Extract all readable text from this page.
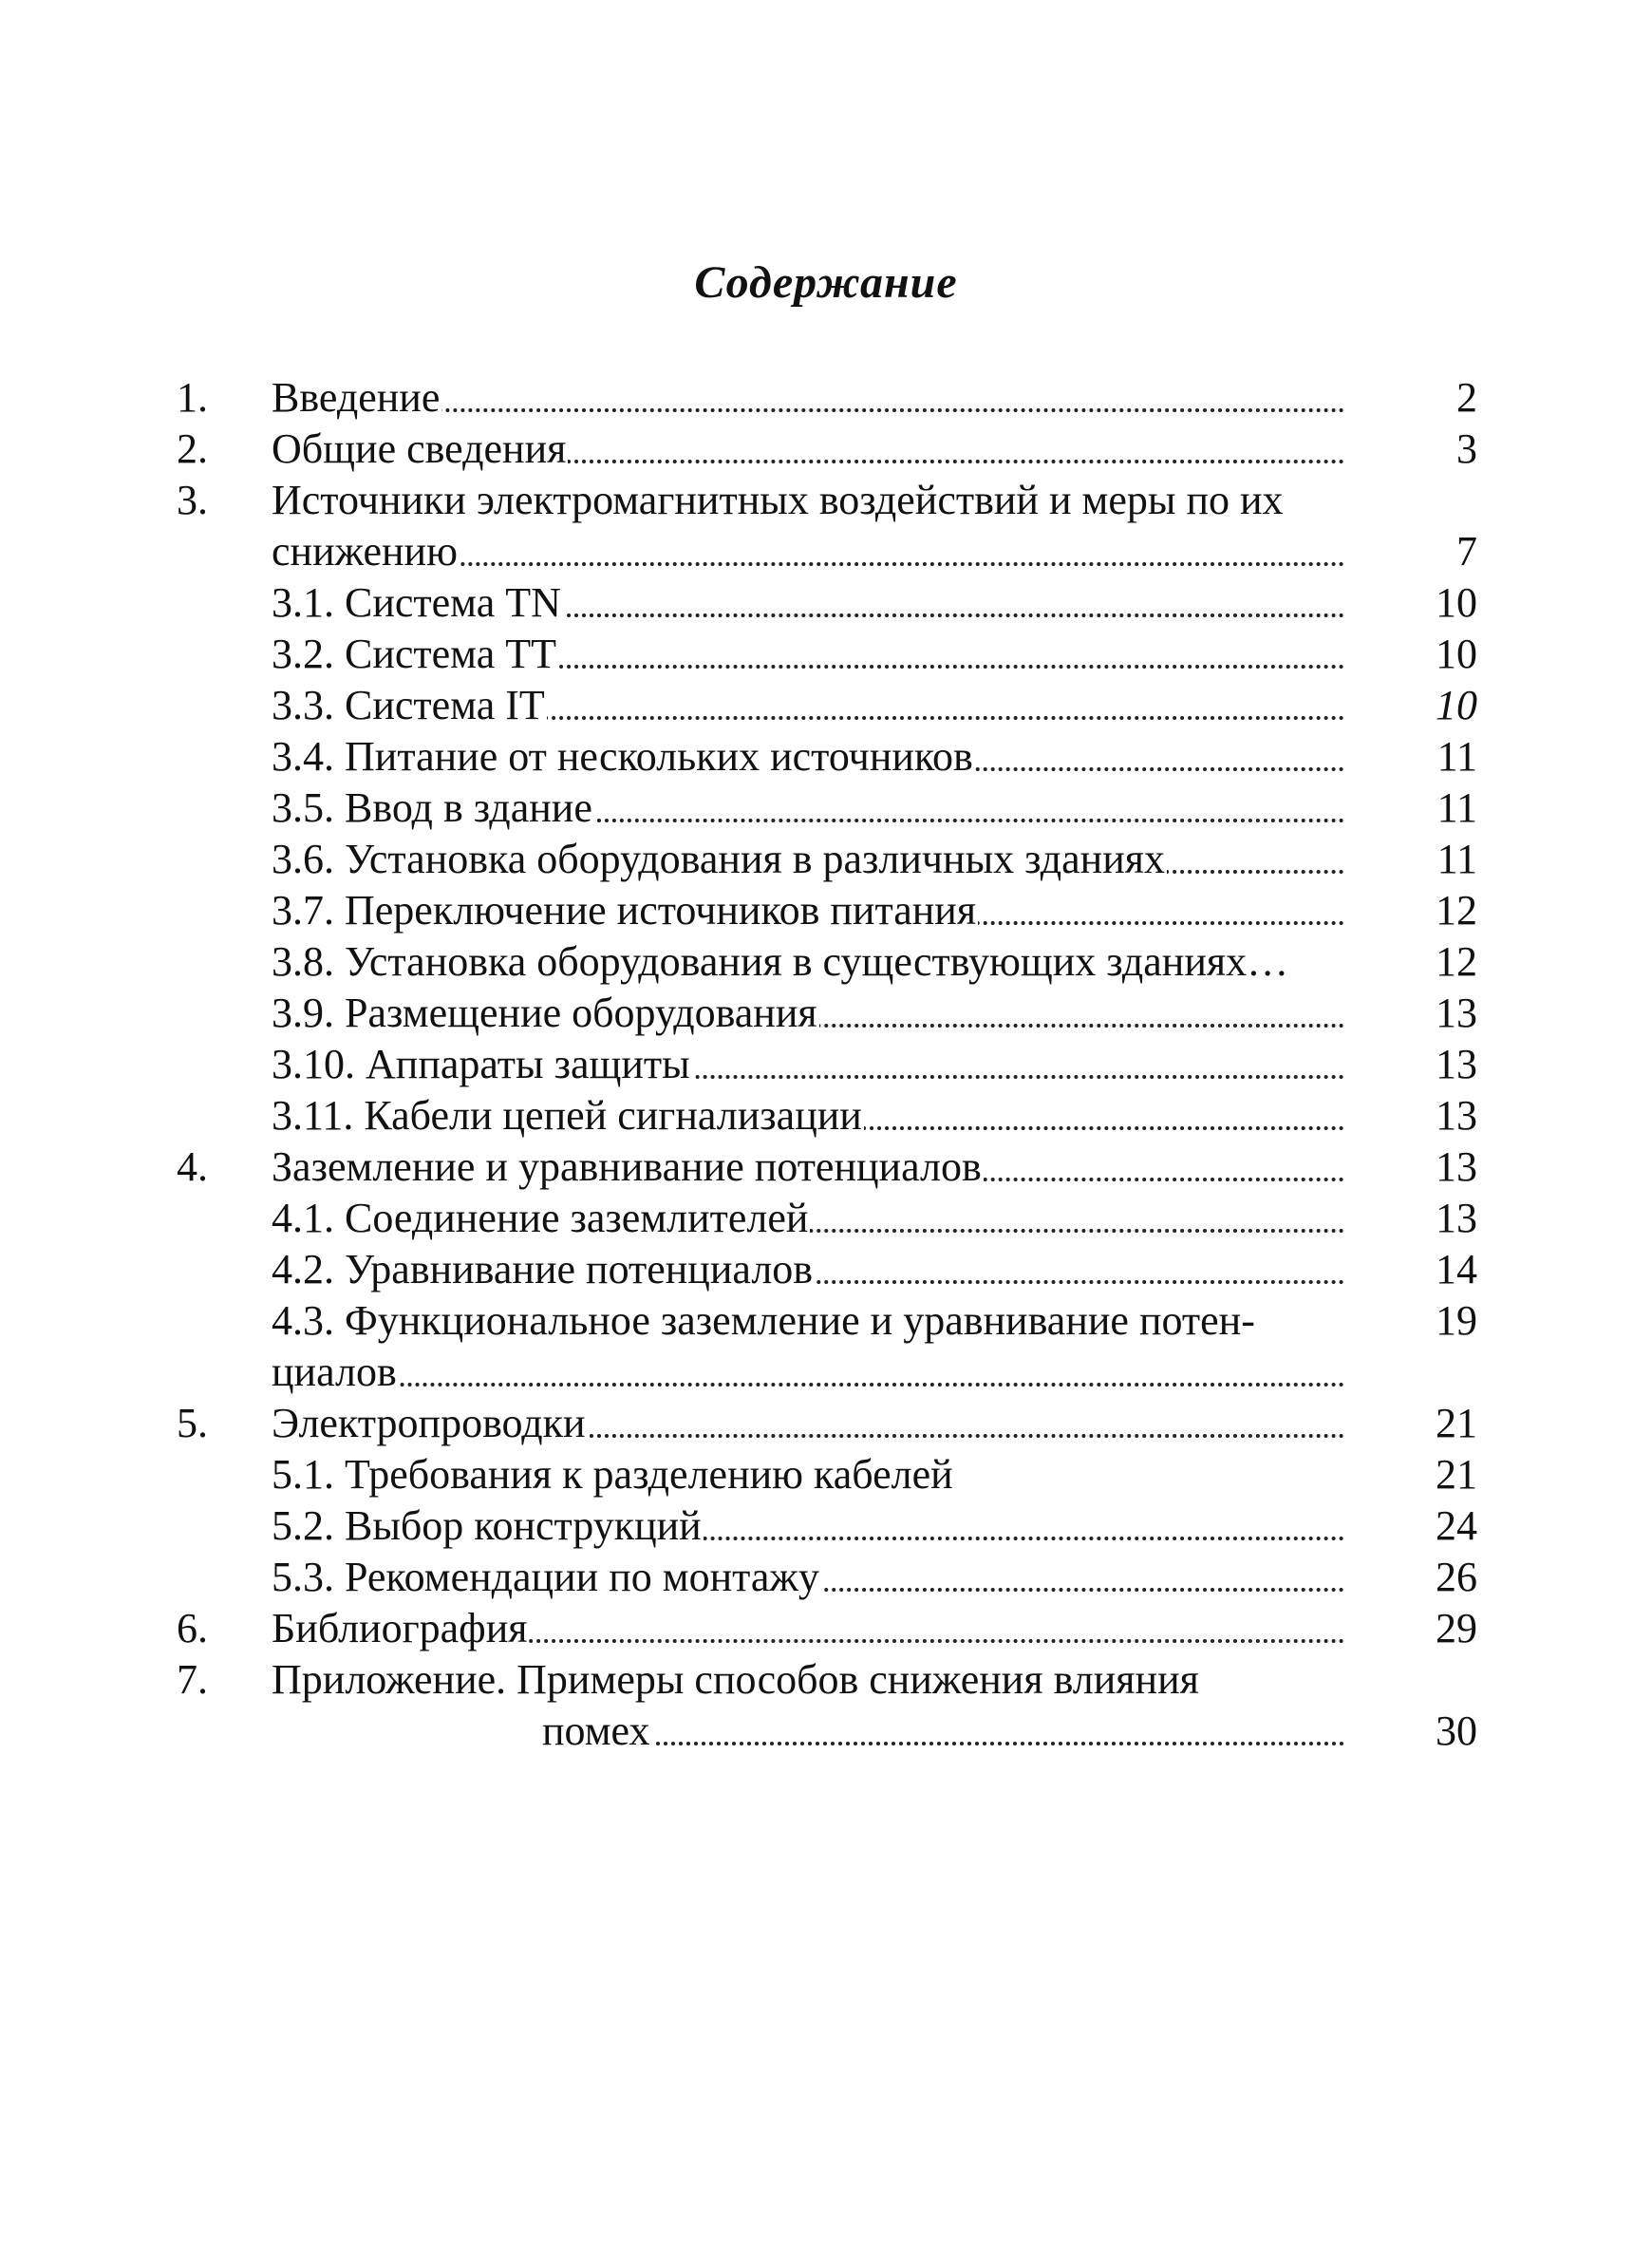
Содержание
1. Введение	2
2. Общие сведения	3
3. Источники электромагнитных воздействий и меры по их
снижению	7
3.1. Система TN	10
3.2. Система TT	10
3.3. Система IT	10
3.4. Питание от нескольких источников	11
3.5. Ввод в здание	11
3.6. Установка оборудования в различных зданиях	11
3.7. Переключение источников питания	12
3.8. Установка оборудования в существующих зданиях…	12
3.9. Размещение оборудования	13
3.10. Аппараты защиты	13
3.11. Кабели цепей сигнализации	13
4. Заземление и уравнивание потенциалов	13
4.1. Соединение заземлителей	13
4.2. Уравнивание потенциалов	14
4.3. Функциональное заземление и уравнивание потен-	19
циалов
5. Электропроводки	21
5.1. Требования к разделению кабелей	21
5.2. Выбор конструкций	24
5.3. Рекомендации по монтажу	26
6. Библиография	29
7. Приложение. Примеры способов снижения влияния
помех	30
